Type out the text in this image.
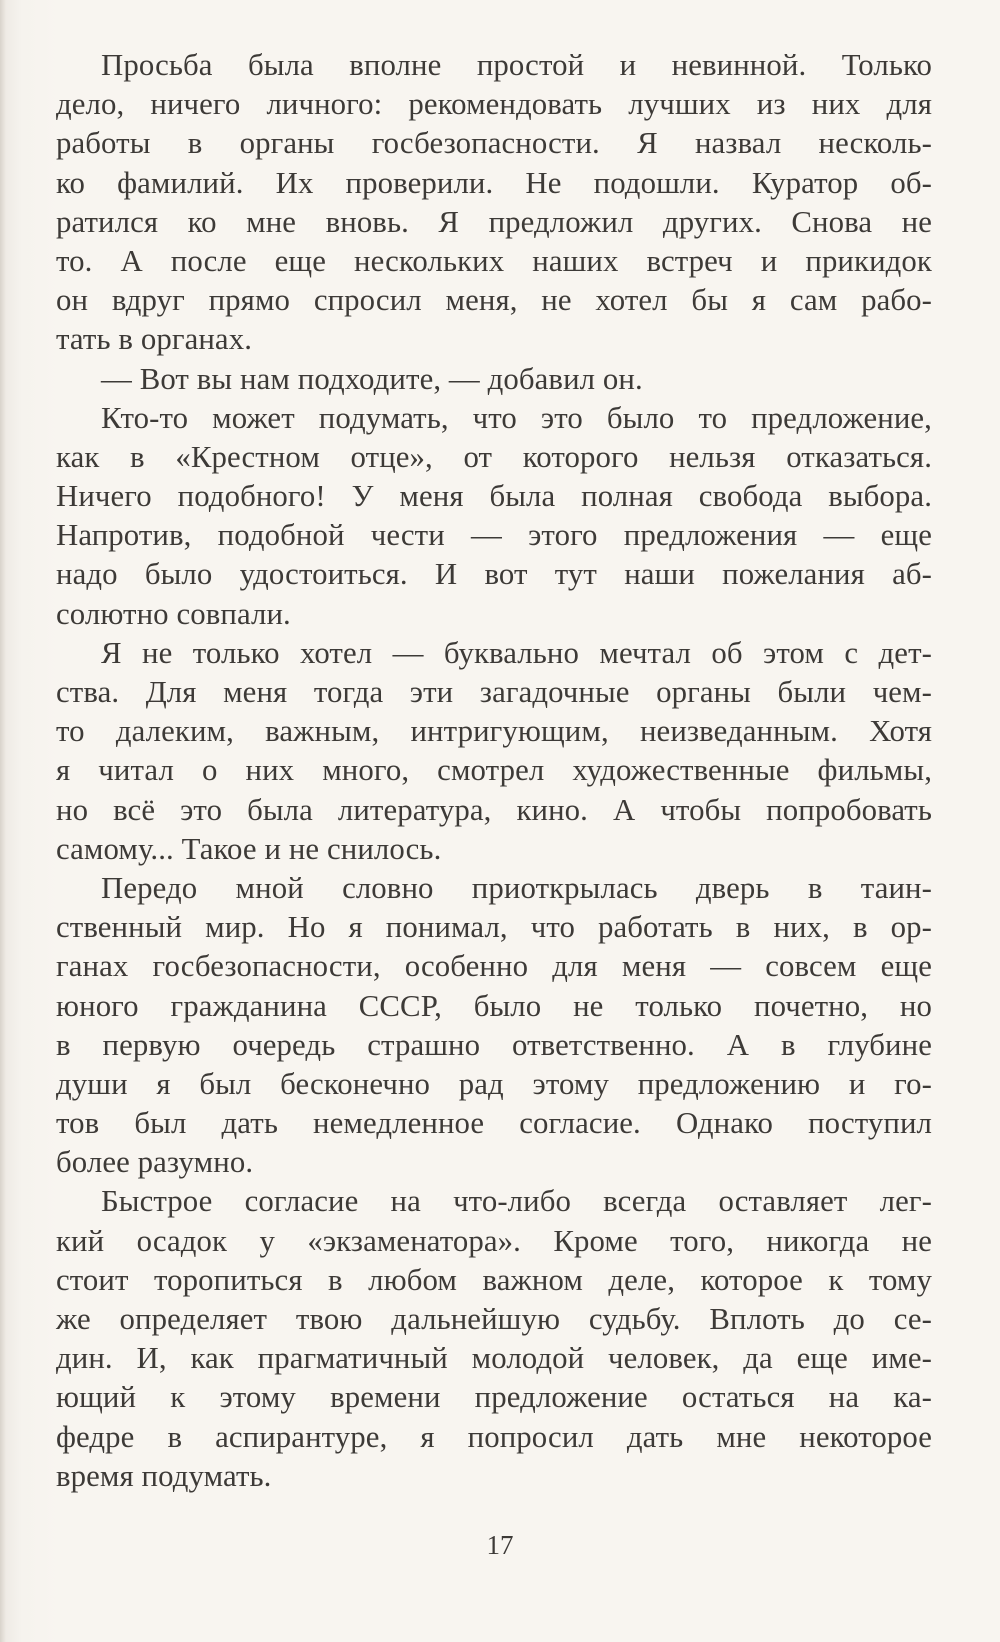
Просьба была вполне простой и невинной. Только
дело, ничего личного: рекомендовать лучших из них для
работы в органы госбезопасности. Я назвал несколь-
ко фамилий. Их проверили. Не подошли. Куратор об-
ратился ко мне вновь. Я предложил других. Снова не
то. А после еще нескольких наших встреч и прикидок
он вдруг прямо спросил меня, не хотел бы я сам рабо-
тать в органах.
— Вот вы нам подходите, — добавил он.
Кто-то может подумать, что это было то предложение,
как в «Крестном отце», от которого нельзя отказаться.
Ничего подобного! У меня была полная свобода выбора.
Напротив, подобной чести — этого предложения — еще
надо было удостоиться. И вот тут наши пожелания аб-
солютно совпали.
Я не только хотел — буквально мечтал об этом с дет-
ства. Для меня тогда эти загадочные органы были чем-
то далеким, важным, интригующим, неизведанным. Хотя
я читал о них много, смотрел художественные фильмы,
но всё это была литература, кино. А чтобы попробовать
самому... Такое и не снилось.
Передо мной словно приоткрылась дверь в таин-
ственный мир. Но я понимал, что работать в них, в ор-
ганах госбезопасности, особенно для меня — совсем еще
юного гражданина СССР, было не только почетно, но
в первую очередь страшно ответственно. А в глубине
души я был бесконечно рад этому предложению и го-
тов был дать немедленное согласие. Однако поступил
более разумно.
Быстрое согласие на что-либо всегда оставляет лег-
кий осадок у «экзаменатора». Кроме того, никогда не
стоит торопиться в любом важном деле, которое к тому
же определяет твою дальнейшую судьбу. Вплоть до се-
дин. И, как прагматичный молодой человек, да еще име-
ющий к этому времени предложение остаться на ка-
федре в аспирантуре, я попросил дать мне некоторое
время подумать.
17
